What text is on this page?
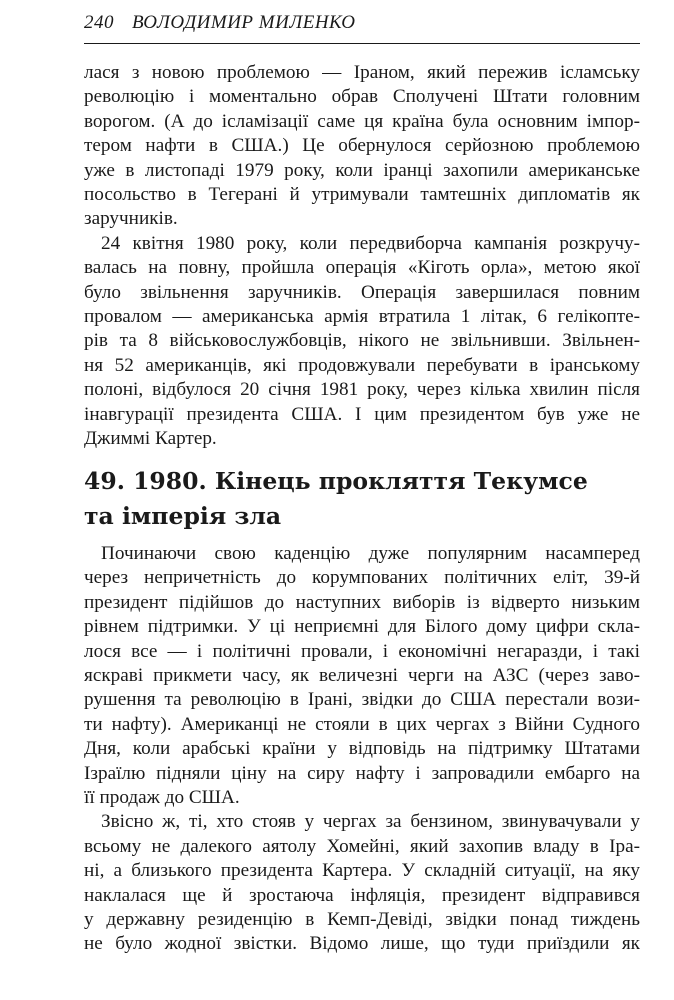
240 ВОЛОДИМИР МИЛЕНКО
лася з новою проблемою — Іраном, який пережив ісламську
революцію і моментально обрав Сполучені Штати головним
ворогом. (А до ісламізації саме ця країна була основним імпор-
тером нафти в США.) Це обернулося серйозною проблемою
уже в листопаді 1979 року, коли іранці захопили американське
посольство в Тегерані й утримували тамтешніх дипломатів як
заручників.
24 квітня 1980 року, коли передвиборча кампанія розкручу-
валась на повну, пройшла операція «Кіготь орла», метою якої
було звільнення заручників. Операція завершилася повним
провалом — американська армія втратила 1 літак, 6 гелікопте-
рів та 8 військовослужбовців, нікого не звільнивши. Звільнен-
ня 52 американців, які продовжували перебувати в іранському
полоні, відбулося 20 січня 1981 року, через кілька хвилин після
інавгурації президента США. І цим президентом був уже не
Джиммі Картер.
49. 1980. Кінець прокляття Текумсе
та імперія зла
Починаючи свою каденцію дуже популярним насамперед
через непричетність до корумпованих політичних еліт, 39-й
президент підійшов до наступних виборів із відверто низьким
рівнем підтримки. У ці неприємні для Білого дому цифри скла-
лося все — і політичні провали, і економічні негаразди, і такі
яскраві прикмети часу, як величезні черги на АЗС (через заво-
рушення та революцію в Ірані, звідки до США перестали вози-
ти нафту). Американці не стояли в цих чергах з Війни Судного
Дня, коли арабські країни у відповідь на підтримку Штатами
Ізраїлю підняли ціну на сиру нафту і запровадили ембарго на
її продаж до США.
Звісно ж, ті, хто стояв у чергах за бензином, звинувачували у
всьому не далекого аятолу Хомейні, який захопив владу в Іра-
ні, а близького президента Картера. У складній ситуації, на яку
наклалася ще й зростаюча інфляція, президент відправився
у державну резиденцію в Кемп-Девіді, звідки понад тиждень
не було жодної звістки. Відомо лише, що туди приїздили як
